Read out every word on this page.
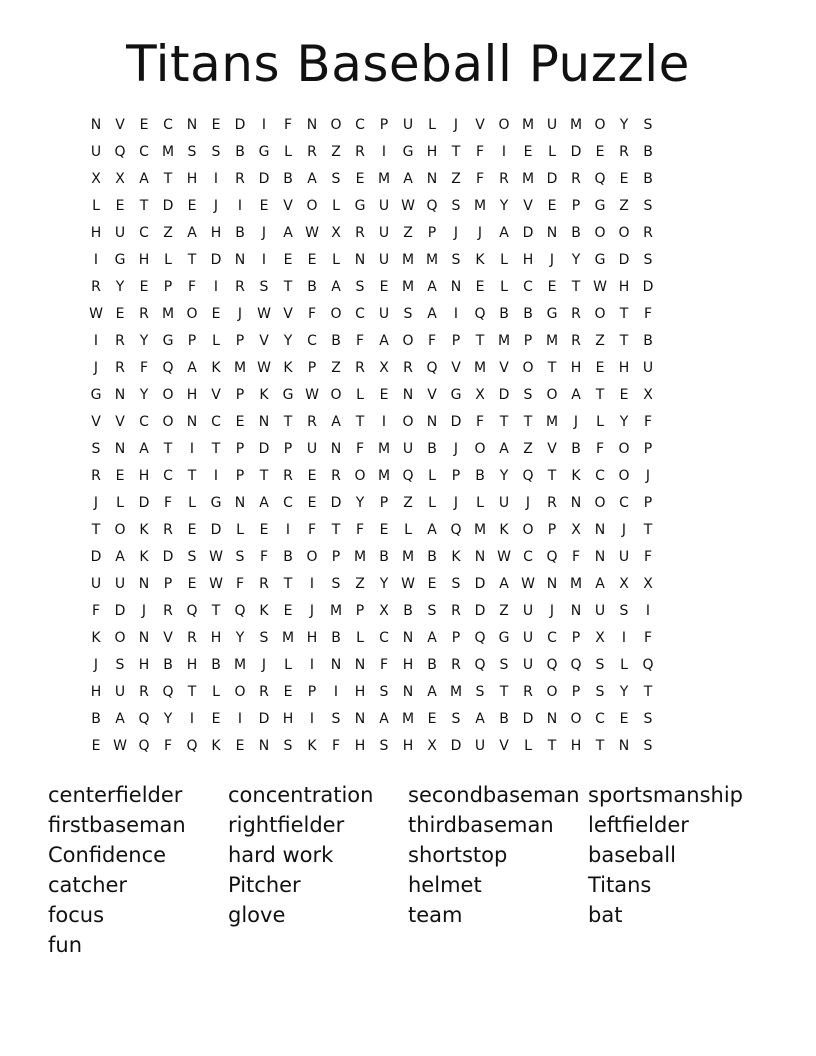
Titans Baseball Puzzle
N V	E	C N	E	D	I	F	N O C	P	U	L	J	V O M U M O	Y	S
U Q C M S	S	B G	L	R	Z	R	I	G H	T	F	I	E	L	D	E	R	B
X	X	A	T	H	I	R D B	A	S	E M A N Z	F	R M D R Q	E	B
L	E	T	D	E	J	I	E	V O	L	G U W Q	S M Y	V	E	P	G Z	S
H U C	Z	A H B	J	A W X	R	U	Z	P	J	J	A D N B O O R
I	G H	L	T	D N	I	E	E	L	N U M M S	K	L	H	J	Y	G D	S
R	Y	E	P	F	I	R	S	T	B	A	S	E M A N	E	L	C	E	T W H D
W E	R M O	E	J	W V	F	O C U	S	A	I	Q B	B G R O	T	F
I	R	Y	G	P	L	P	V	Y	C	B	F	A O	F	P	T M P M R	Z	T	B
J	R	F	Q A	K M W K	P	Z	R	X	R Q V M V O	T	H	E	H U
G N	Y	O H V	P	K G W O	L	E	N V G X D	S	O A	T	E	X
V	V	C O N C	E	N	T	R	A	T	I	O N D	F	T	T M	J	L	Y	F
S	N A	T	I	T	P	D	P	U N	F M U	B	J	O A	Z	V	B	F	O	P
R	E	H C	T	I	P	T	R	E	R O M Q	L	P	B	Y	Q	T	K	C O	J
J	L	D	F	L	G N A	C	E	D	Y	P	Z	L	J	L	U	J	R N O C	P
T	O K	R	E	D	L	E	I	F	T	F	E	L	A Q M K O	P	X N	J	T
D A	K	D	S W S	F	B O	P M B M B	K	N W C Q	F	N U	F
U U N	P	E W F	R	T	I	S	Z	Y W E	S	D A W N M A	X	X
F	D	J	R Q	T	Q K	E	J	M P	X	B	S	R D Z	U	J	N U	S	I
K O N V	R H	Y	S M H B	L	C N A	P	Q G U C	P	X	I	F
J	S	H B H B M	J	L	I	N N	F	H B	R Q	S	U Q Q	S	L	Q
H U	R Q	T	L	O R	E	P	I	H	S	N A M S	T	R O	P	S	Y	T
B	A Q	Y	I	E	I	D H	I	S	N A M E	S	A	B D N O C	E	S
E W Q	F	Q K	E	N	S	K	F	H	S	H X D U	V	L	T	H	T	N	S
centerfielder	concentration	secondbaseman sportsmanship
firstbaseman	rightfielder	thirdbaseman	leftfielder
Confidence	hard work	shortstop	baseball
catcher	Pitcher	helmet	Titans
focus	glove	team	bat
fun
